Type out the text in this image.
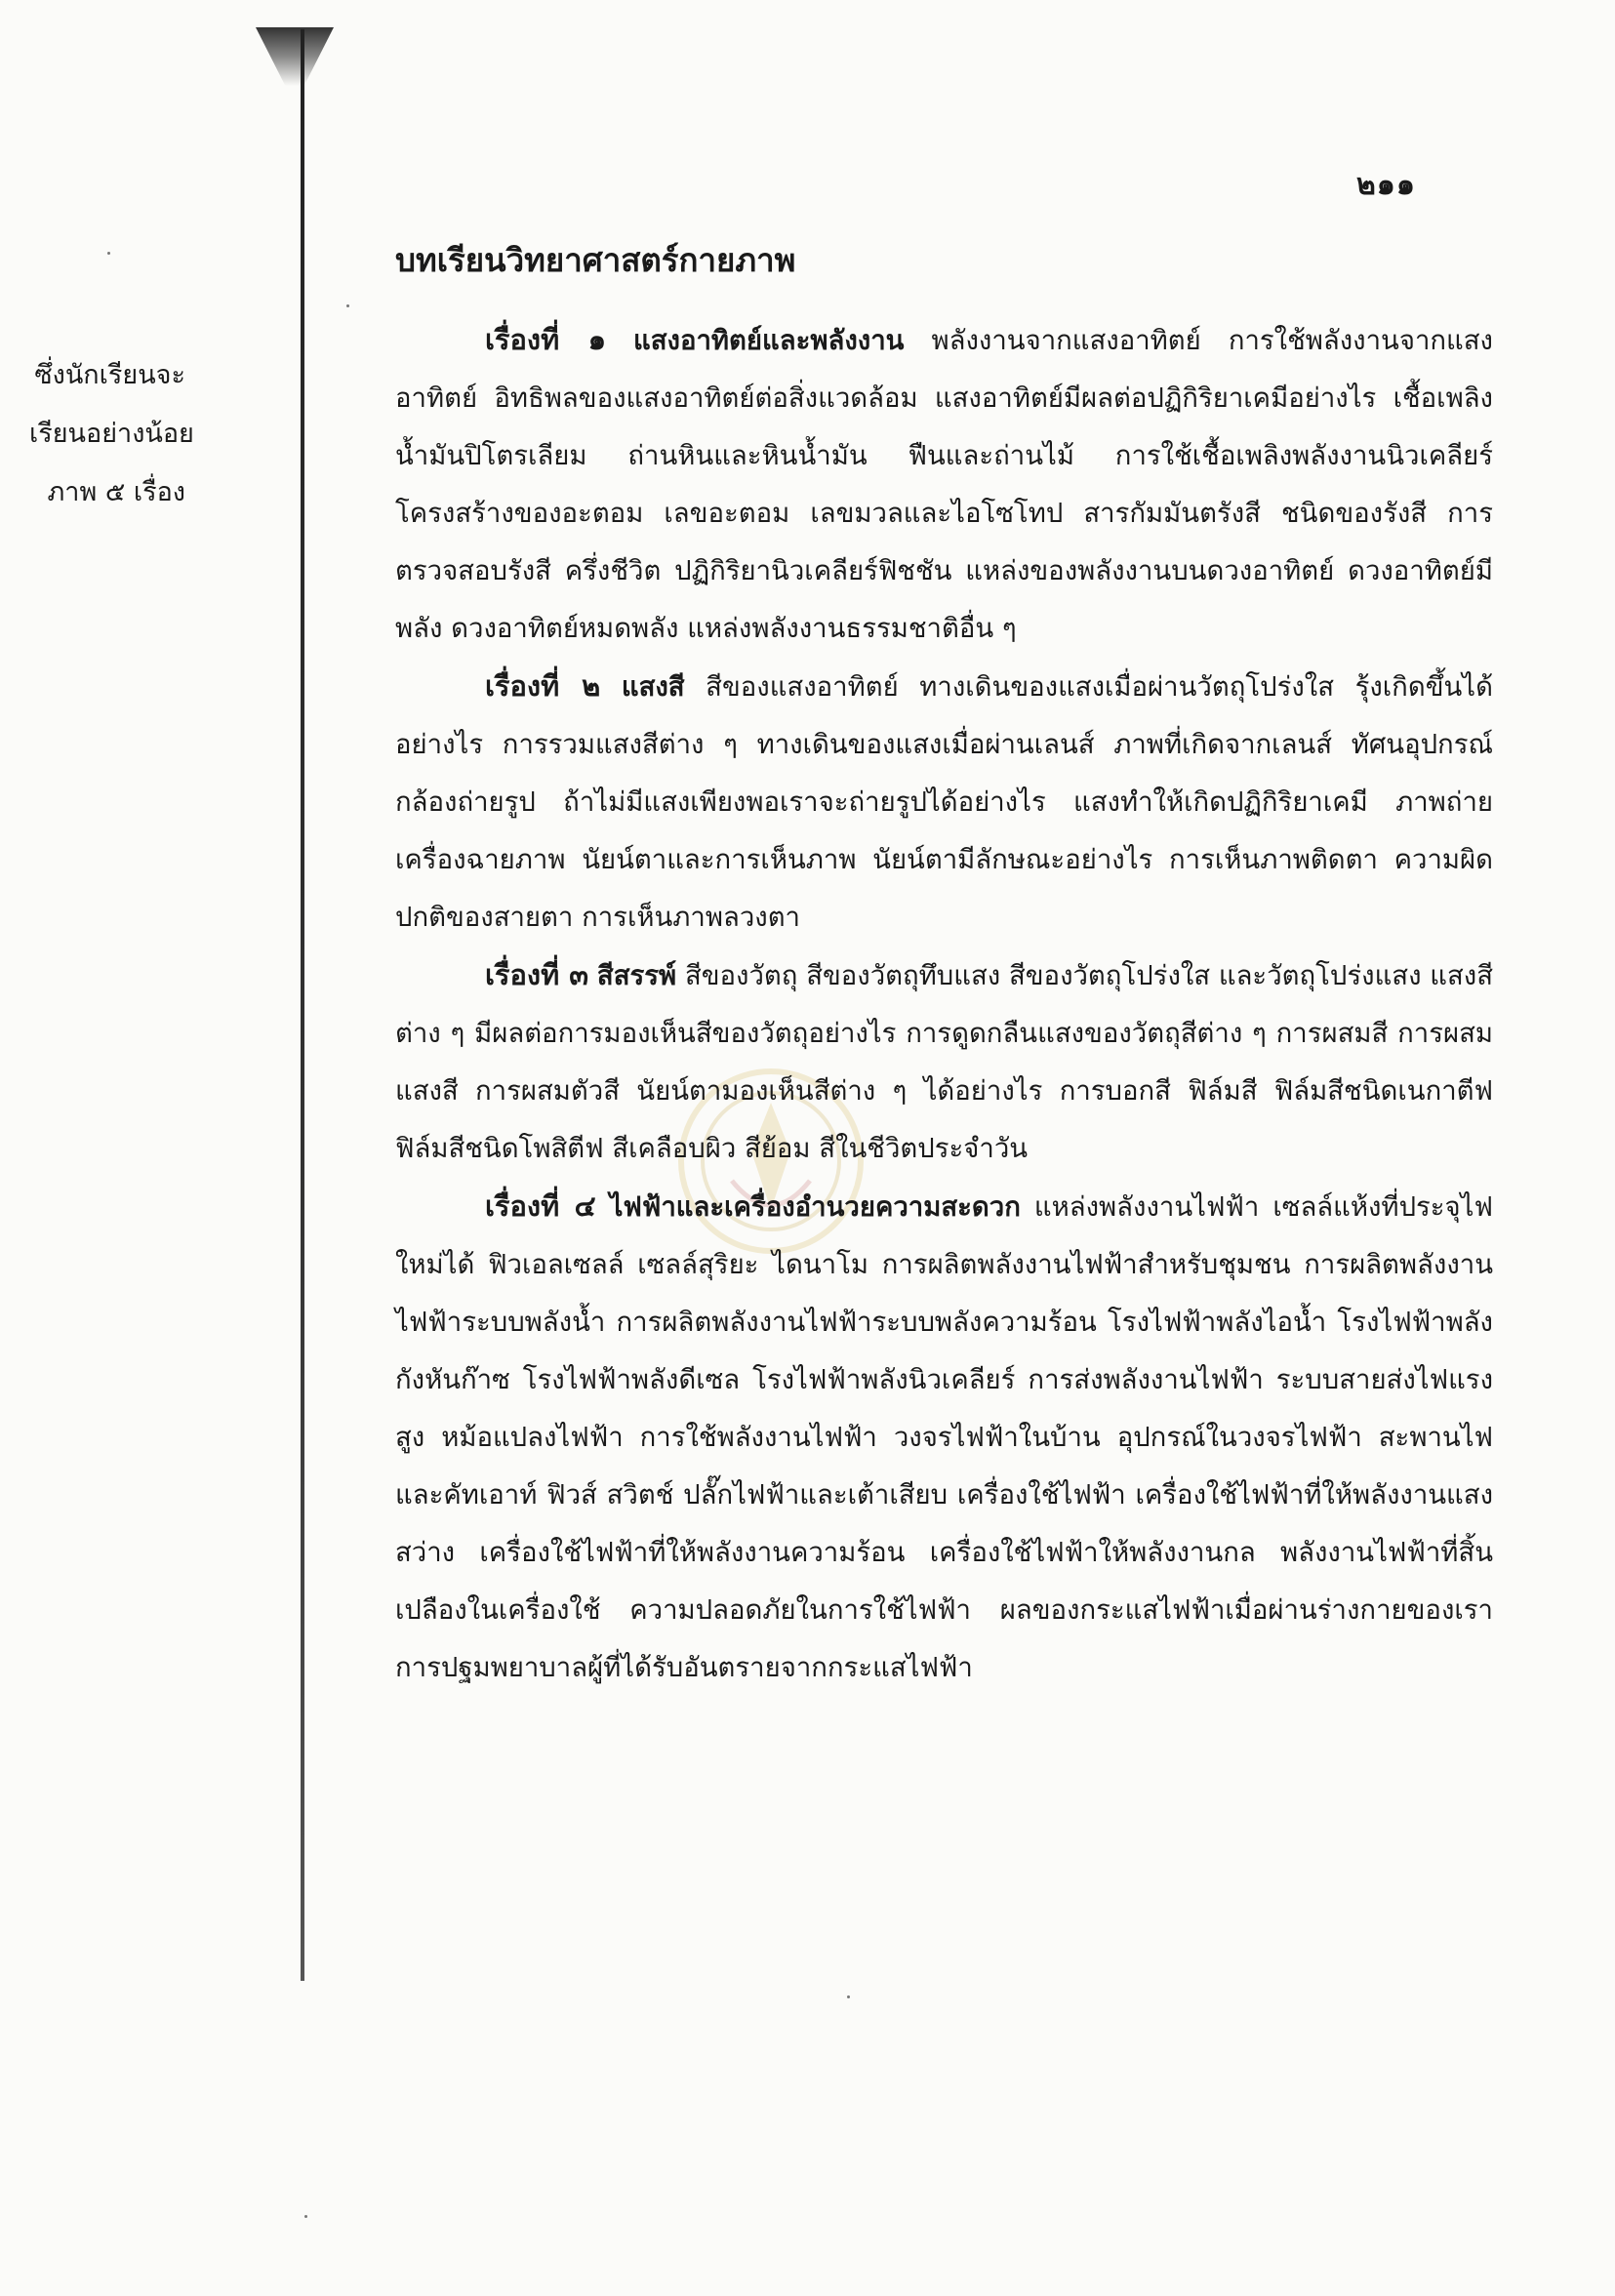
๒๑๑
ซึ่งนักเรียนจะ
เรียนอย่างน้อย
ภาพ ๕ เรื่อง
บทเรียนวิทยาศาสตร์กายภาพ

เรื่องที่ ๑ แสงอาทิตย์และพลังงาน พลังงานจากแสงอาทิตย์ การใช้พลังงานจากแสงอาทิตย์ อิทธิพลของแสงอาทิตย์ต่อสิ่งแวดล้อม แสงอาทิตย์มีผลต่อปฏิกิริยาเคมีอย่างไร เชื้อเพลิง น้ำมันปิโตรเลียม ถ่านหินและหินน้ำมัน ฟืนและถ่านไม้ การใช้เชื้อเพลิงพลังงานนิวเคลียร์ โครงสร้างของอะตอม เลขอะตอม เลขมวลและไอโซโทป สารกัมมันตรังสี ชนิดของรังสี การตรวจสอบรังสี ครึ่งชีวิต ปฏิกิริยานิวเคลียร์ฟิชชัน แหล่งของพลังงานบนดวงอาทิตย์ ดวงอาทิตย์มีพลัง ดวงอาทิตย์หมดพลัง แหล่งพลังงานธรรมชาติอื่น ๆ

เรื่องที่ ๒ แสงสี สีของแสงอาทิตย์ ทางเดินของแสงเมื่อผ่านวัตถุโปร่งใส รุ้งเกิดขึ้นได้อย่างไร การรวมแสงสีต่าง ๆ ทางเดินของแสงเมื่อผ่านเลนส์ ภาพที่เกิดจากเลนส์ ทัศนอุปกรณ์ กล้องถ่ายรูป ถ้าไม่มีแสงเพียงพอเราจะถ่ายรูปได้อย่างไร แสงทำให้เกิดปฏิกิริยาเคมี ภาพถ่าย เครื่องฉายภาพ นัยน์ตาและการเห็นภาพ นัยน์ตามีลักษณะอย่างไร การเห็นภาพติดตา ความผิดปกติของสายตา การเห็นภาพลวงตา

เรื่องที่ ๓ สีสรรพ์ สีของวัตถุ สีของวัตถุทึบแสง สีของวัตถุโปร่งใส และวัตถุโปร่งแสง แสงสีต่าง ๆ มีผลต่อการมองเห็นสีของวัตถุอย่างไร การดูดกลืนแสงของวัตถุสีต่าง ๆ การผสมสี การผสมแสงสี การผสมตัวสี นัยน์ตามองเห็นสีต่าง ๆ ได้อย่างไร การบอกสี ฟิล์มสี ฟิล์มสีชนิดเนกาตีฟ ฟิล์มสีชนิดโพสิตีฟ สีเคลือบผิว สีย้อม สีในชีวิตประจำวัน

เรื่องที่ ๔ ไฟฟ้าและเครื่องอำนวยความสะดวก แหล่งพลังงานไฟฟ้า เซลล์แห้งที่ประจุไฟใหม่ได้ ฟิวเอลเซลล์ เซลล์สุริยะ ไดนาโม การผลิตพลังงานไฟฟ้าสำหรับชุมชน การผลิตพลังงานไฟฟ้าระบบพลังน้ำ การผลิตพลังงานไฟฟ้าระบบพลังความร้อน โรงไฟฟ้าพลังไอน้ำ โรงไฟฟ้าพลังกังหันก๊าซ โรงไฟฟ้าพลังดีเซล โรงไฟฟ้าพลังนิวเคลียร์ การส่งพลังงานไฟฟ้า ระบบสายส่งไฟแรงสูง หม้อแปลงไฟฟ้า การใช้พลังงานไฟฟ้า วงจรไฟฟ้าในบ้าน อุปกรณ์ในวงจรไฟฟ้า สะพานไฟและคัทเอาท์ ฟิวส์ สวิตช์ ปลั๊กไฟฟ้าและเต้าเสียบ เครื่องใช้ไฟฟ้า เครื่องใช้ไฟฟ้าที่ให้พลังงานแสงสว่าง เครื่องใช้ไฟฟ้าที่ให้พลังงานความร้อน เครื่องใช้ไฟฟ้าให้พลังงานกล พลังงานไฟฟ้าที่สิ้นเปลืองในเครื่องใช้ ความปลอดภัยในการใช้ไฟฟ้า ผลของกระแสไฟฟ้าเมื่อผ่านร่างกายของเรา การปฐมพยาบาลผู้ที่ได้รับอันตรายจากกระแสไฟฟ้า
